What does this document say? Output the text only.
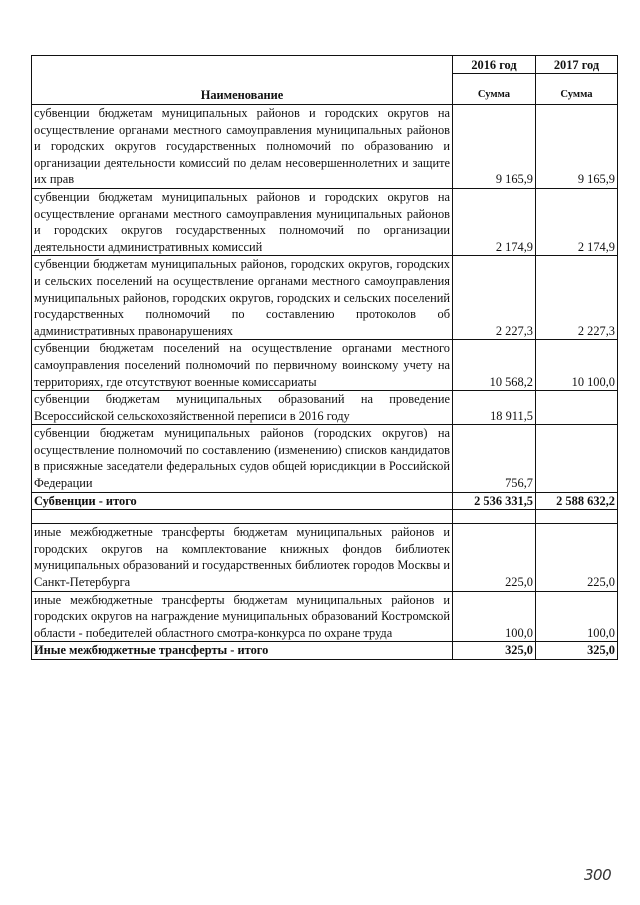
Наименование	2016 год	2017 год
	Сумма	Сумма
субвенции бюджетам муниципальных районов и городских округов на осуществление органами местного самоуправления муниципальных районов и городских округов государственных полномочий по образованию и организации деятельности комиссий по делам несовершеннолетних и защите их прав	9 165,9	9 165,9
субвенции бюджетам муниципальных районов и городских округов на осуществление органами местного самоуправления муниципальных районов и городских округов государственных полномочий по организации деятельности административных комиссий	2 174,9	2 174,9
субвенции бюджетам муниципальных районов, городских округов, городских и сельских поселений на осуществление органами местного самоуправления муниципальных районов, городских округов, городских и сельских поселений государственных полномочий по составлению протоколов об административных правонарушениях	2 227,3	2 227,3
субвенции бюджетам поселений на осуществление органами местного самоуправления поселений полномочий по первичному воинскому учету на территориях, где отсутствуют военные комиссариаты	10 568,2	10 100,0
субвенции бюджетам муниципальных образований на проведение Всероссийской сельскохозяйственной переписи в 2016 году	18 911,5	
субвенции бюджетам муниципальных районов (городских округов) на осуществление полномочий по составлению (изменению) списков кандидатов в присяжные заседатели федеральных судов общей юрисдикции в Российской Федерации	756,7	
Субвенции - итого	2 536 331,5	2 588 632,2

иные межбюджетные трансферты бюджетам муниципальных районов и городских округов на комплектование книжных фондов библиотек муниципальных образований и государственных библиотек городов Москвы и Санкт-Петербурга	225,0	225,0
иные межбюджетные трансферты бюджетам муниципальных районов и городских округов на награждение муниципальных образований Костромской области - победителей областного смотра-конкурса по охране труда	100,0	100,0
Иные межбюджетные трансферты - итого	325,0	325,0
300
